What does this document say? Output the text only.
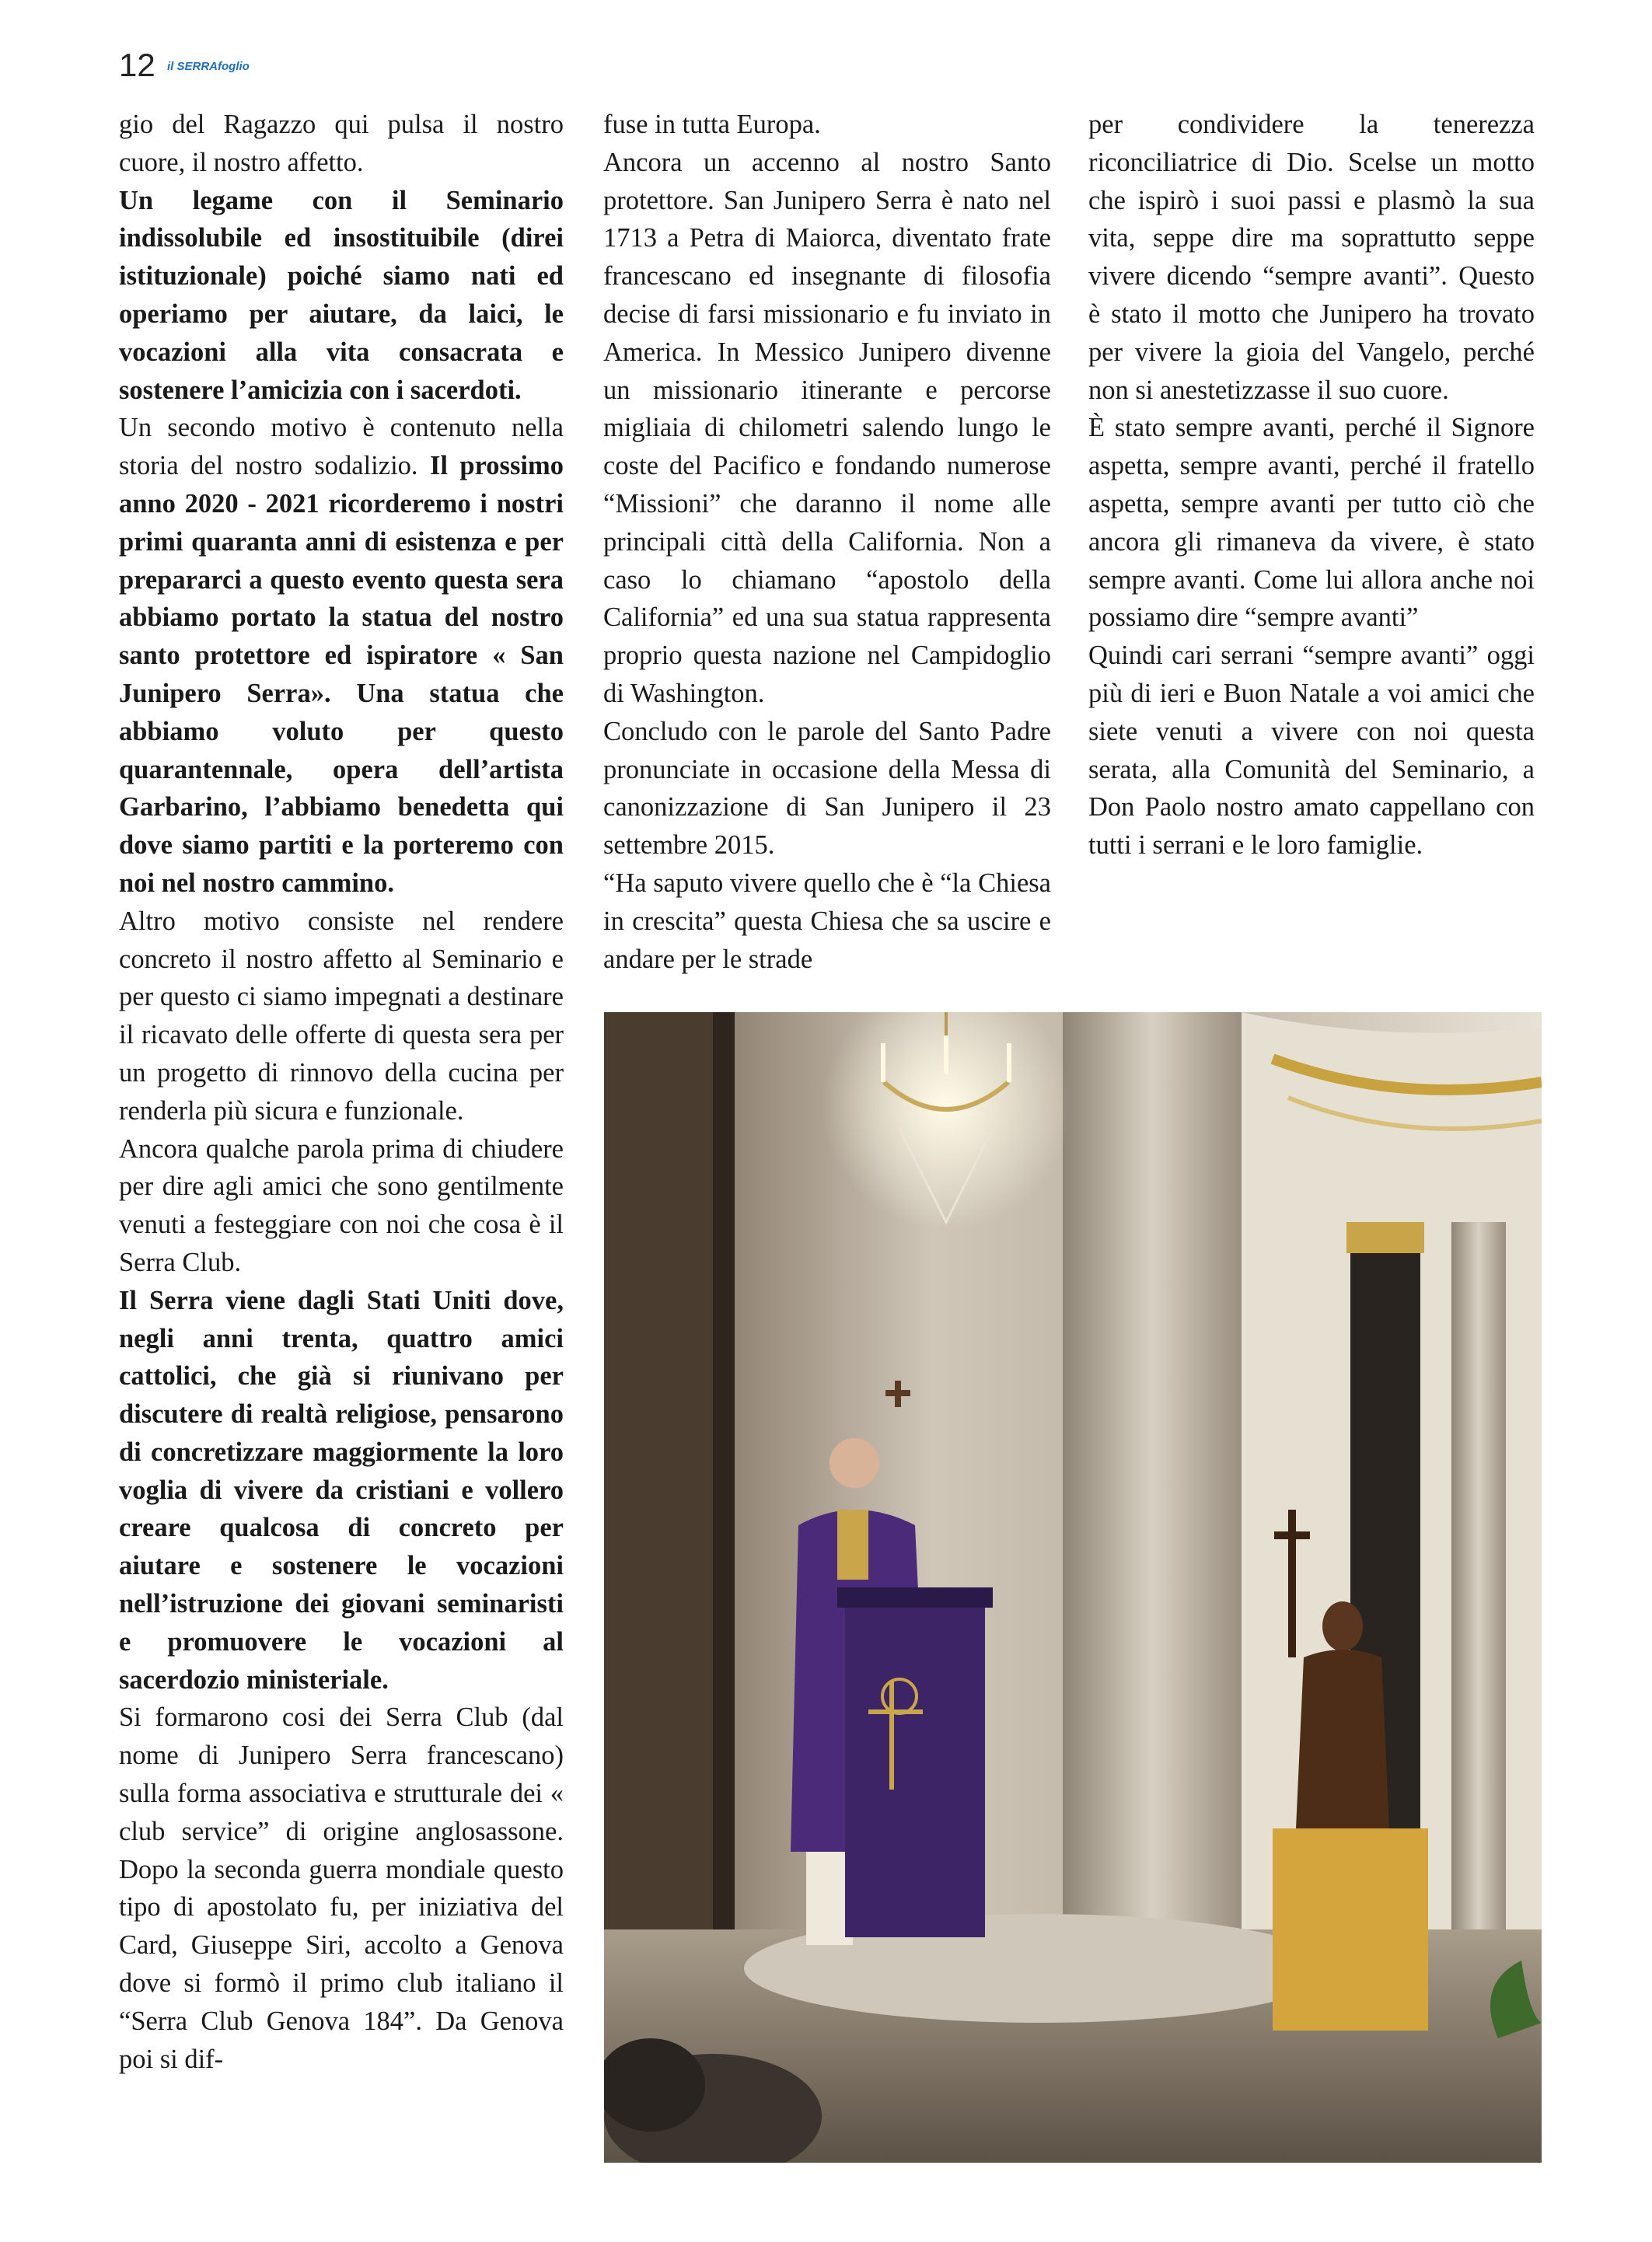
12 il SERRAfoglio

gio del Ragazzo qui pulsa il nostro cuore, il nostro affetto.

Un legame con il Seminario indissolubile ed insostituibile (direi istituzionale) poiché siamo nati ed operiamo per aiutare, da laici, le vocazioni alla vita consacrata e sostenere l’amicizia con i sacerdoti.

Un secondo motivo è contenuto nella storia del nostro sodalizio. Il prossimo anno 2020 - 2021 ricorderemo i nostri primi quaranta anni di esistenza e per prepararci a questo evento questa sera abbiamo portato la statua del nostro santo protettore ed ispiratore « San Junipero Serra». Una statua che abbiamo voluto per questo quarantennale, opera dell’artista Garbarino, l’abbiamo benedetta qui dove siamo partiti e la porteremo con noi nel nostro cammino.

Altro motivo consiste nel rendere concreto il nostro affetto al Seminario e per questo ci siamo impegnati a destinare il ricavato delle offerte di questa sera per un progetto di rinnovo della cucina per renderla più sicura e funzionale.

Ancora qualche parola prima di chiudere per dire agli amici che sono gentilmente venuti a festeggiare con noi che cosa è il Serra Club.

Il Serra viene dagli Stati Uniti dove, negli anni trenta, quattro amici cattolici, che già si riunivano per discutere di realtà religiose, pensarono di concretizzare maggiormente la loro voglia di vivere da cristiani e vollero creare qualcosa di concreto per aiutare e sostenere le vocazioni nell’istruzione dei giovani seminaristi e promuovere le vocazioni al sacerdozio ministeriale.

Si formarono cosi dei Serra Club (dal nome di Junipero Serra francescano) sulla forma associativa e strutturale dei « club service” di origine anglosassone. Dopo la seconda guerra mondiale questo tipo di apostolato fu, per iniziativa del Card, Giuseppe Siri, accolto a Genova dove si formò il primo club italiano il “Serra Club Genova 184”. Da Genova poi si dif-

fuse in tutta Europa.

Ancora un accenno al nostro Santo protettore. San Junipero Serra è nato nel 1713 a Petra di Maiorca, diventato frate francescano ed insegnante di filosofia decise di farsi missionario e fu inviato in America. In Messico Junipero divenne un missionario itinerante e percorse migliaia di chilometri salendo lungo le coste del Pacifico e fondando numerose “Missioni” che daranno il nome alle principali città della California. Non a caso lo chiamano “apostolo della California” ed una sua statua rappresenta proprio questa nazione nel Campidoglio di Washington.

Concludo con le parole del Santo Padre pronunciate in occasione della Messa di canonizzazione di San Junipero il 23 settembre 2015.

“Ha saputo vivere quello che è “la Chiesa in crescita” questa Chiesa che sa uscire e andare per le strade

per condividere la tenerezza riconciliatrice di Dio. Scelse un motto che ispirò i suoi passi e plasmò la sua vita, seppe dire ma soprattutto seppe vivere dicendo “sempre avanti”. Questo è stato il motto che Junipero ha trovato per vivere la gioia del Vangelo, perché non si anestetizzasse il suo cuore.

È stato sempre avanti, perché il Signore aspetta, sempre avanti, perché il fratello aspetta, sempre avanti per tutto ciò che ancora gli rimaneva da vivere, è stato sempre avanti. Come lui allora anche noi possiamo dire “sempre avanti”

Quindi cari serrani “sempre avanti” oggi più di ieri e Buon Natale a voi amici che siete venuti a vivere con noi questa serata, alla Comunità del Seminario, a Don Paolo nostro amato cappellano con tutti i serrani e le loro famiglie.
